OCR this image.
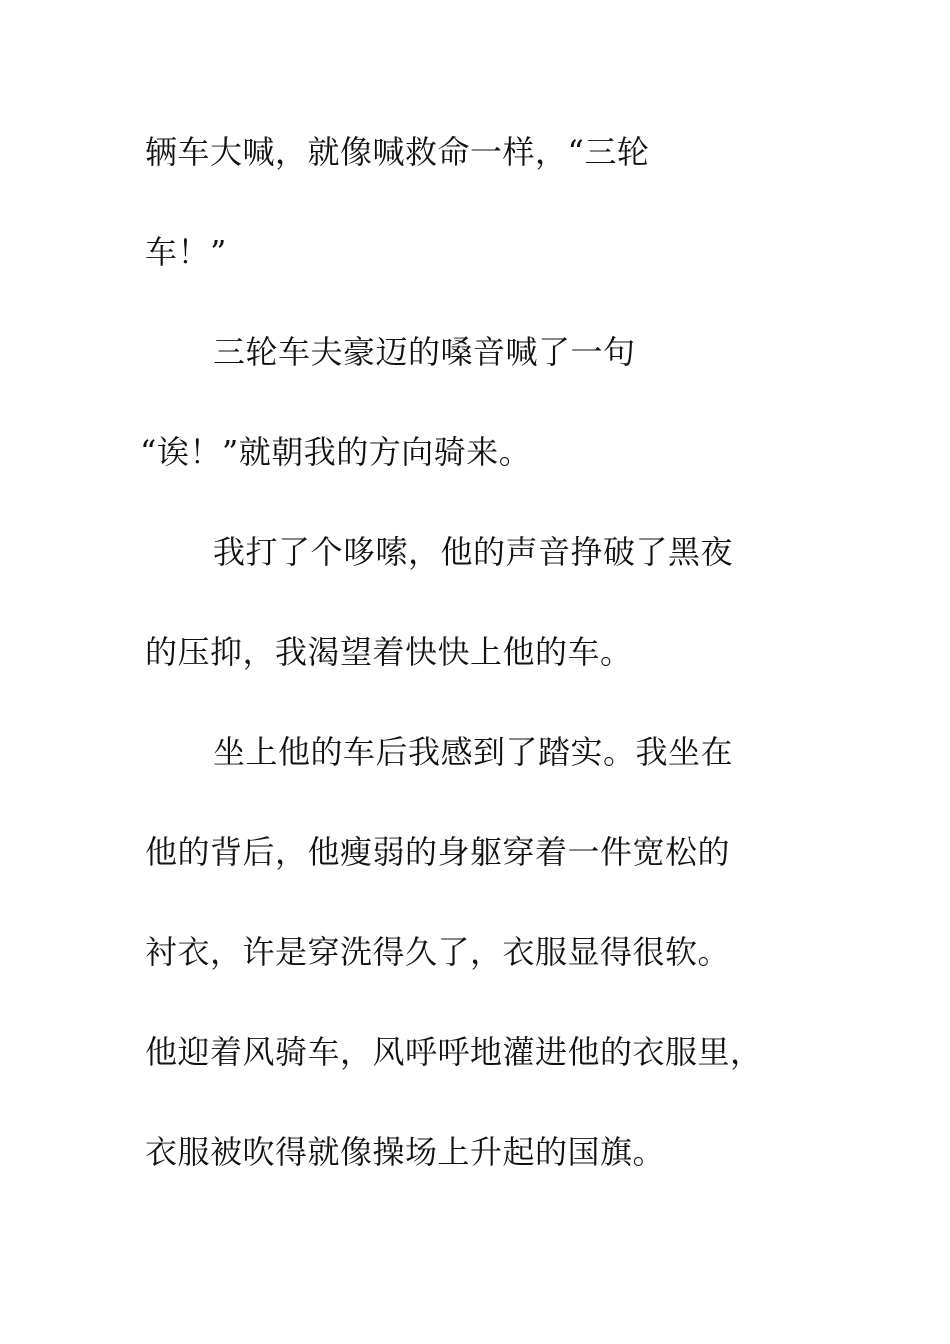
辆车大喊，就像喊救命一样，“三轮

车！”

三轮车夫豪迈的嗓音喊了一句

“诶！”就朝我的方向骑来。

我打了个哆嗦，他的声音挣破了黑夜

的压抑，我渴望着快快上他的车。

坐上他的车后我感到了踏实。我坐在

他的背后，他瘦弱的身躯穿着一件宽松的

衬衣，许是穿洗得久了，衣服显得很软。

他迎着风骑车，风呼呼地灌进他的衣服里，

衣服被吹得就像操场上升起的国旗。
